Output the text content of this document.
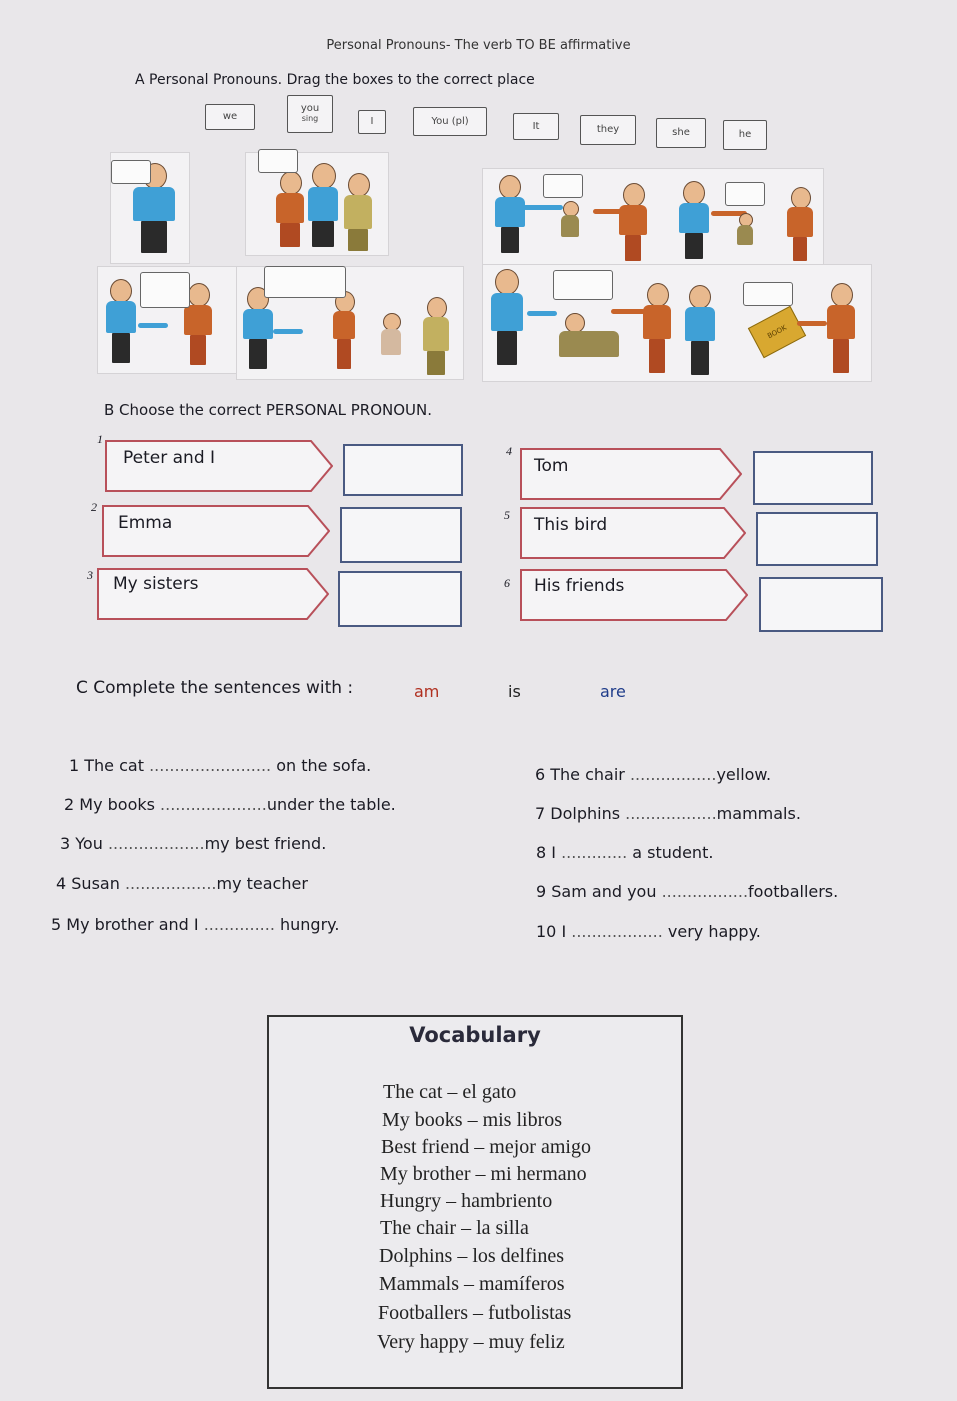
Personal Pronouns- The verb TO BE affirmative
A Personal Pronouns. Drag the boxes to the correct place
we
you
sing	I	You (pl)	It	they	she	he
BOOK
B Choose the correct PERSONAL PRONOUN.
1
Peter and I
2
Emma
3 My sisters
4
Tom
5 This bird
6 His friends
C Complete the sentences with :	am	is	are
1 The cat ........................ on the sofa.
2 My books .....................under the table.
3 You ...................my best friend.
4 Susan ..................my teacher
5 My brother and I .............. hungry.
6 The chair .................yellow.
7 Dolphins ..................mammals.
8 I ............. a student.
9 Sam and you .................footballers.
10 I .................. very happy.
Vocabulary
The cat – el gato
My books – mis libros
Best friend – mejor amigo
My brother – mi hermano
Hungry – hambriento
The chair – la silla
Dolphins – los delfines
Mammals – mamíferos
Footballers – futbolistas
Very happy – muy feliz
